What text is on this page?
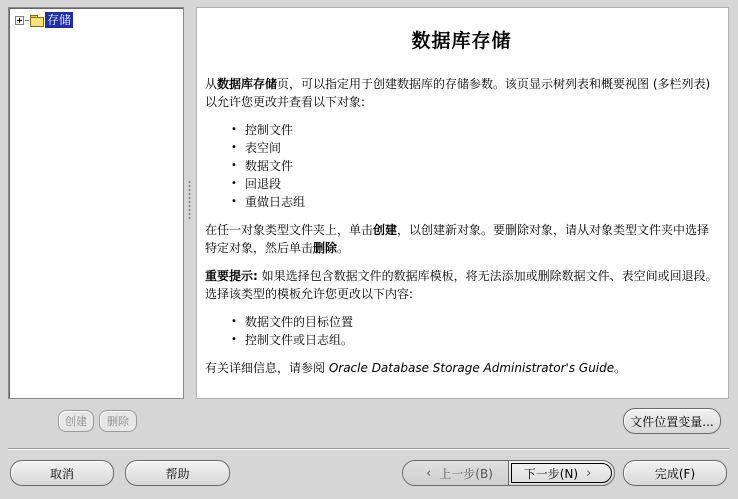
存储
数据库存储

从数据库存储页，可以指定用于创建数据库的存储参数。该页显示树列表和概要视图 (多栏列表) 以允许您更改并查看以下对象:

• 控制文件
• 表空间
• 数据文件
• 回退段
• 重做日志组

在任一对象类型文件夹上，单击创建，以创建新对象。要删除对象，请从对象类型文件夹中选择特定对象，然后单击删除。

重要提示: 如果选择包含数据文件的数据库模板，将无法添加或删除数据文件、表空间或回退段。选择该类型的模板允许您更改以下内容:

• 数据文件的目标位置
• 控制文件或日志组。

有关详细信息，请参阅 Oracle Database Storage Administrator's Guide。

创建	删除	文件位置变量...
取消	帮助	‹ 上一步(B)	下一步(N) ›	完成(F)
